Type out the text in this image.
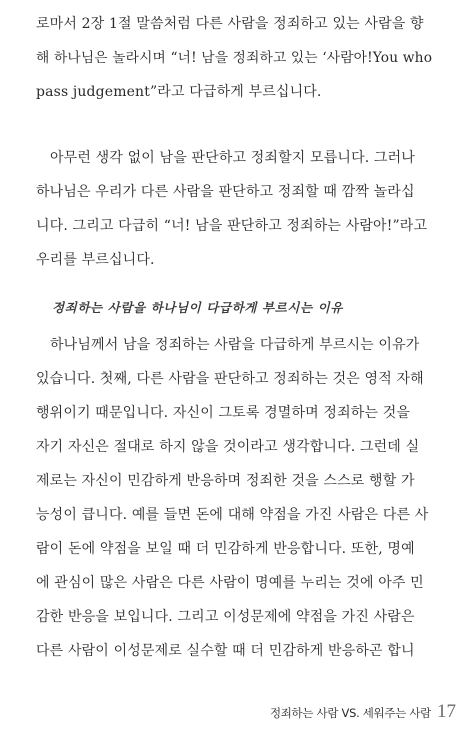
로마서 2장 1절 말씀처럼 다른 사람을 정죄하고 있는 사람을 향
해 하나님은 놀라시며 “너! 남을 정죄하고 있는 ‘사람아!You who
pass judgement”라고 다급하게 부르십니다.

아무런 생각 없이 남을 판단하고 정죄할지 모릅니다. 그러나
하나님은 우리가 다른 사람을 판단하고 정죄할 때 깜짝 놀라십
니다. 그리고 다급히 “너! 남을 판단하고 정죄하는 사람아!”라고
우리를 부르십니다.

정죄하는 사람을 하나님이 다급하게 부르시는 이유

하나님께서 남을 정죄하는 사람을 다급하게 부르시는 이유가
있습니다. 첫째, 다른 사람을 판단하고 정죄하는 것은 영적 자해
행위이기 때문입니다. 자신이 그토록 경멸하며 정죄하는 것을
자기 자신은 절대로 하지 않을 것이라고 생각합니다. 그런데 실
제로는 자신이 민감하게 반응하며 정죄한 것을 스스로 행할 가
능성이 큽니다. 예를 들면 돈에 대해 약점을 가진 사람은 다른 사
람이 돈에 약점을 보일 때 더 민감하게 반응합니다. 또한, 명예
에 관심이 많은 사람은 다른 사람이 명예를 누리는 것에 아주 민
감한 반응을 보입니다. 그리고 이성문제에 약점을 가진 사람은
다른 사람이 이성문제로 실수할 때 더 민감하게 반응하곤 합니

정죄하는 사람 VS. 세워주는 사람 17
